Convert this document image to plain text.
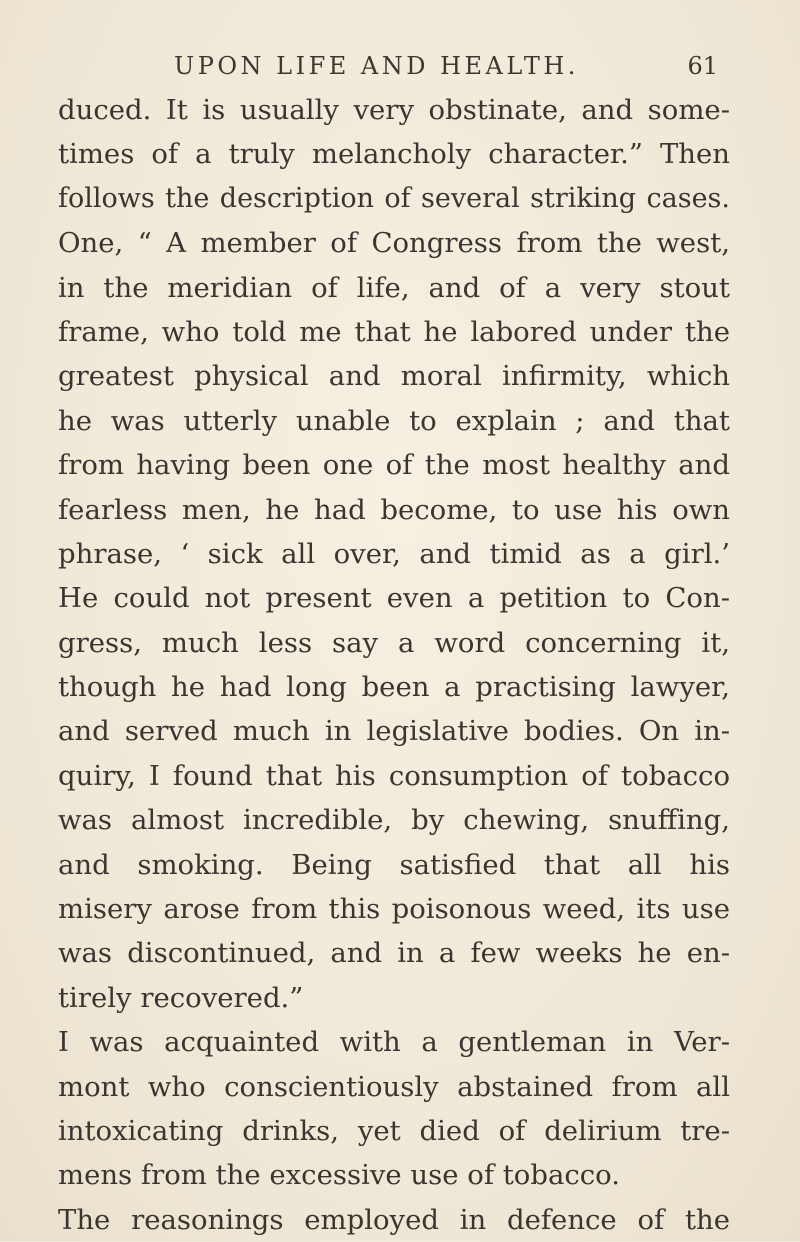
UPON LIFE AND HEALTH.	61
duced. It is usually very obstinate, and some-
times of a truly melancholy character.” Then
follows the description of several striking cases.
One, “ A member of Congress from the west,
in the meridian of life, and of a very stout
frame, who told me that he labored under the
greatest physical and moral infirmity, which
he was utterly unable to explain ; and that
from having been one of the most healthy and
fearless men, he had become, to use his own
phrase, ‘ sick all over, and timid as a girl.’
He could not present even a petition to Con-
gress, much less say a word concerning it,
though he had long been a practising lawyer,
and served much in legislative bodies. On in-
quiry, I found that his consumption of tobacco
was almost incredible, by chewing, snuffing,
and smoking. Being satisfied that all his
misery arose from this poisonous weed, its use
was discontinued, and in a few weeks he en-
tirely recovered.”
I was acquainted with a gentleman in Ver-
mont who conscientiously abstained from all
intoxicating drinks, yet died of delirium tre-
mens from the excessive use of tobacco.
The reasonings employed in defence of the
